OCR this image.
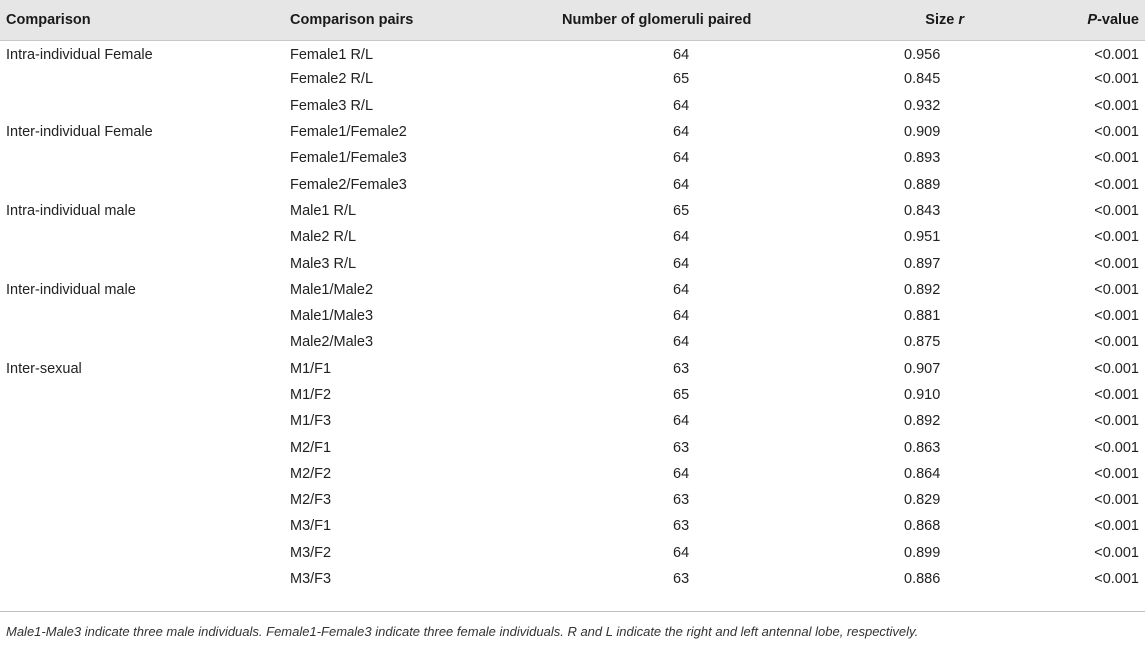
Comparison	Comparison pairs	Number of glomeruli paired	Size r	P-value
Intra-individual Female	Female1 R/L	64	0.956	<0.001
	Female2 R/L	65	0.845	<0.001
	Female3 R/L	64	0.932	<0.001
Inter-individual Female	Female1/Female2	64	0.909	<0.001
	Female1/Female3	64	0.893	<0.001
	Female2/Female3	64	0.889	<0.001
Intra-individual male	Male1 R/L	65	0.843	<0.001
	Male2 R/L	64	0.951	<0.001
	Male3 R/L	64	0.897	<0.001
Inter-individual male	Male1/Male2	64	0.892	<0.001
	Male1/Male3	64	0.881	<0.001
	Male2/Male3	64	0.875	<0.001
Inter-sexual	M1/F1	63	0.907	<0.001
	M1/F2	65	0.910	<0.001
	M1/F3	64	0.892	<0.001
	M2/F1	63	0.863	<0.001
	M2/F2	64	0.864	<0.001
	M2/F3	63	0.829	<0.001
	M3/F1	63	0.868	<0.001
	M3/F2	64	0.899	<0.001
	M3/F3	63	0.886	<0.001
Male1-Male3 indicate three male individuals. Female1-Female3 indicate three female individuals. R and L indicate the right and left antennal lobe, respectively.
